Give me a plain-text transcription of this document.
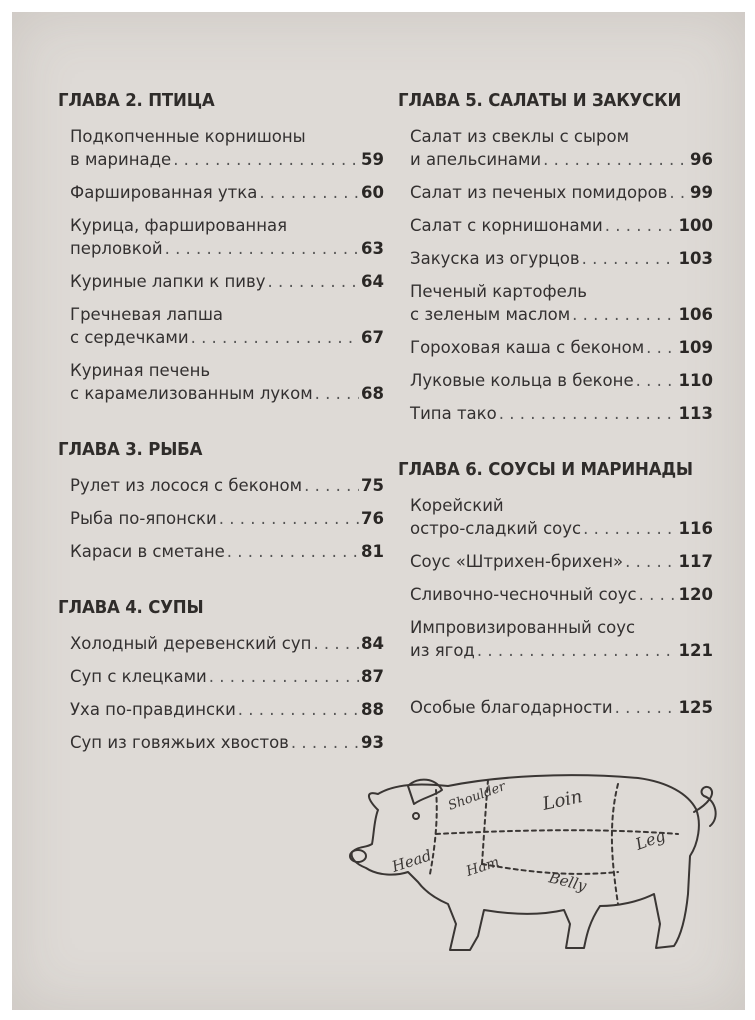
ГЛАВА 2. ПТИЦА
Подкопченные корнишоны
в маринаде . . .	59
Фаршированная утка . . .	60
Курица, фаршированная
перловкой . . .	63
Куриные лапки к пиву . . .	64
Гречневая лапша
с сердечками . . .	67
Куриная печень
с карамелизованным луком . . .	68
ГЛАВА 3. РЫБА
Рулет из лосося с беконом . . .	75
Рыба по-японски . . .	76
Караси в сметане . . .	81
ГЛАВА 4. СУПЫ
Холодный деревенский суп . . .	84
Суп с клецками . . .	87
Уха по-правдински . . .	88
Суп из говяжьих хвостов . . .	93
ГЛАВА 5. САЛАТЫ И ЗАКУСКИ
Салат из свеклы с сыром
и апельсинами . . .	96
Салат из печеных помидоров . . . 99
Салат с корнишонами . . .	100
Закуска из огурцов . . .	103
Печеный картофель
с зеленым маслом . . .	106
Гороховая каша с беконом . . . 109
Луковые кольца в беконе . . .	110
Типа тако . . .	113
ГЛАВА 6. СОУСЫ И МАРИНАДЫ
Корейский
остро-сладкий соус . . .	116
Соус «Штрихен-брихен» . . .	117
Сливочно-чесночный соус . . .	120
Импровизированный соус
из ягод . . .	121
Особые благодарности . . .	125
Shoulder Loin
Head Ham
Belly
Leg
